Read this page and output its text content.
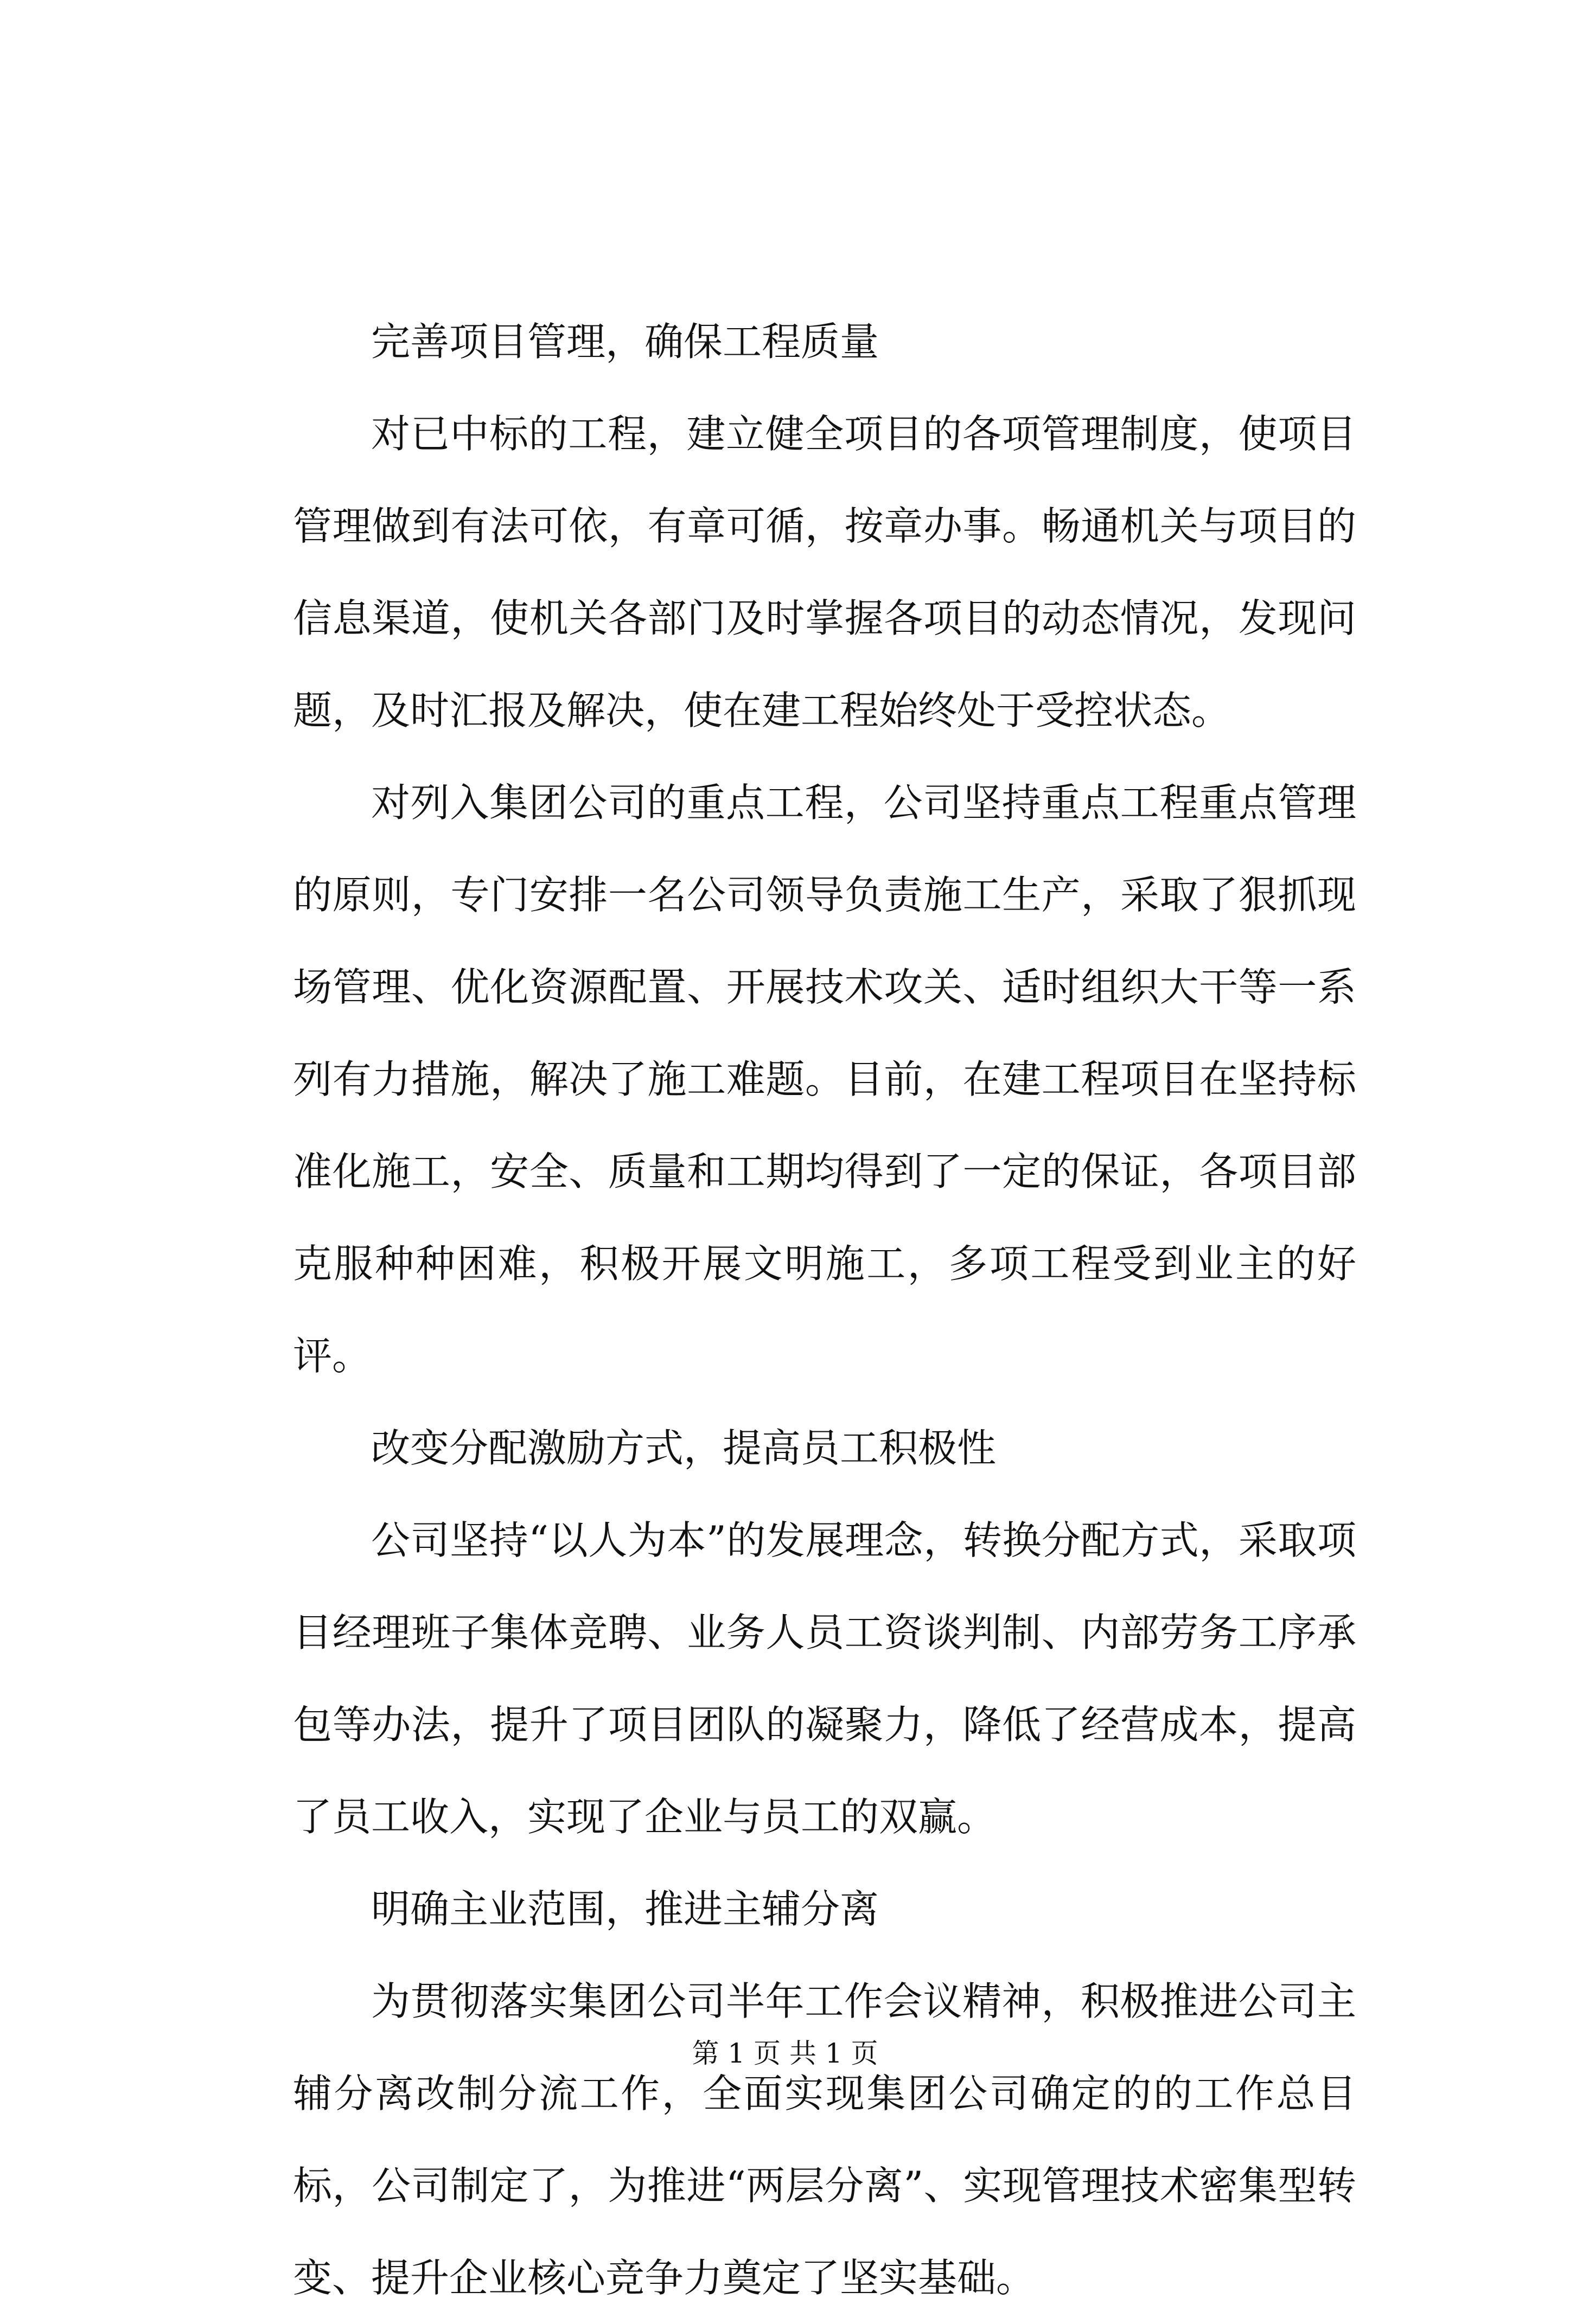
完善项目管理，确保工程质量

对已中标的工程，建立健全项目的各项管理制度，使项目管理做到有法可依，有章可循，按章办事。畅通机关与项目的信息渠道，使机关各部门及时掌握各项目的动态情况，发现问题，及时汇报及解决，使在建工程始终处于受控状态。

对列入集团公司的重点工程，公司坚持重点工程重点管理的原则，专门安排一名公司领导负责施工生产，采取了狠抓现场管理、优化资源配置、开展技术攻关、适时组织大干等一系列有力措施，解决了施工难题。目前，在建工程项目在坚持标准化施工，安全、质量和工期均得到了一定的保证，各项目部克服种种困难，积极开展文明施工，多项工程受到业主的好评。

改变分配激励方式，提高员工积极性

公司坚持“以人为本”的发展理念，转换分配方式，采取项目经理班子集体竞聘、业务人员工资谈判制、内部劳务工序承包等办法，提升了项目团队的凝聚力，降低了经营成本，提高了员工收入，实现了企业与员工的双赢。

明确主业范围，推进主辅分离

为贯彻落实集团公司半年工作会议精神，积极推进公司主辅分离改制分流工作，全面实现集团公司确定的的工作总目标，公司制定了，为推进“两层分离”、实现管理技术密集型转变、提升企业核心竞争力奠定了坚实基础。

第 1 页 共 1 页
